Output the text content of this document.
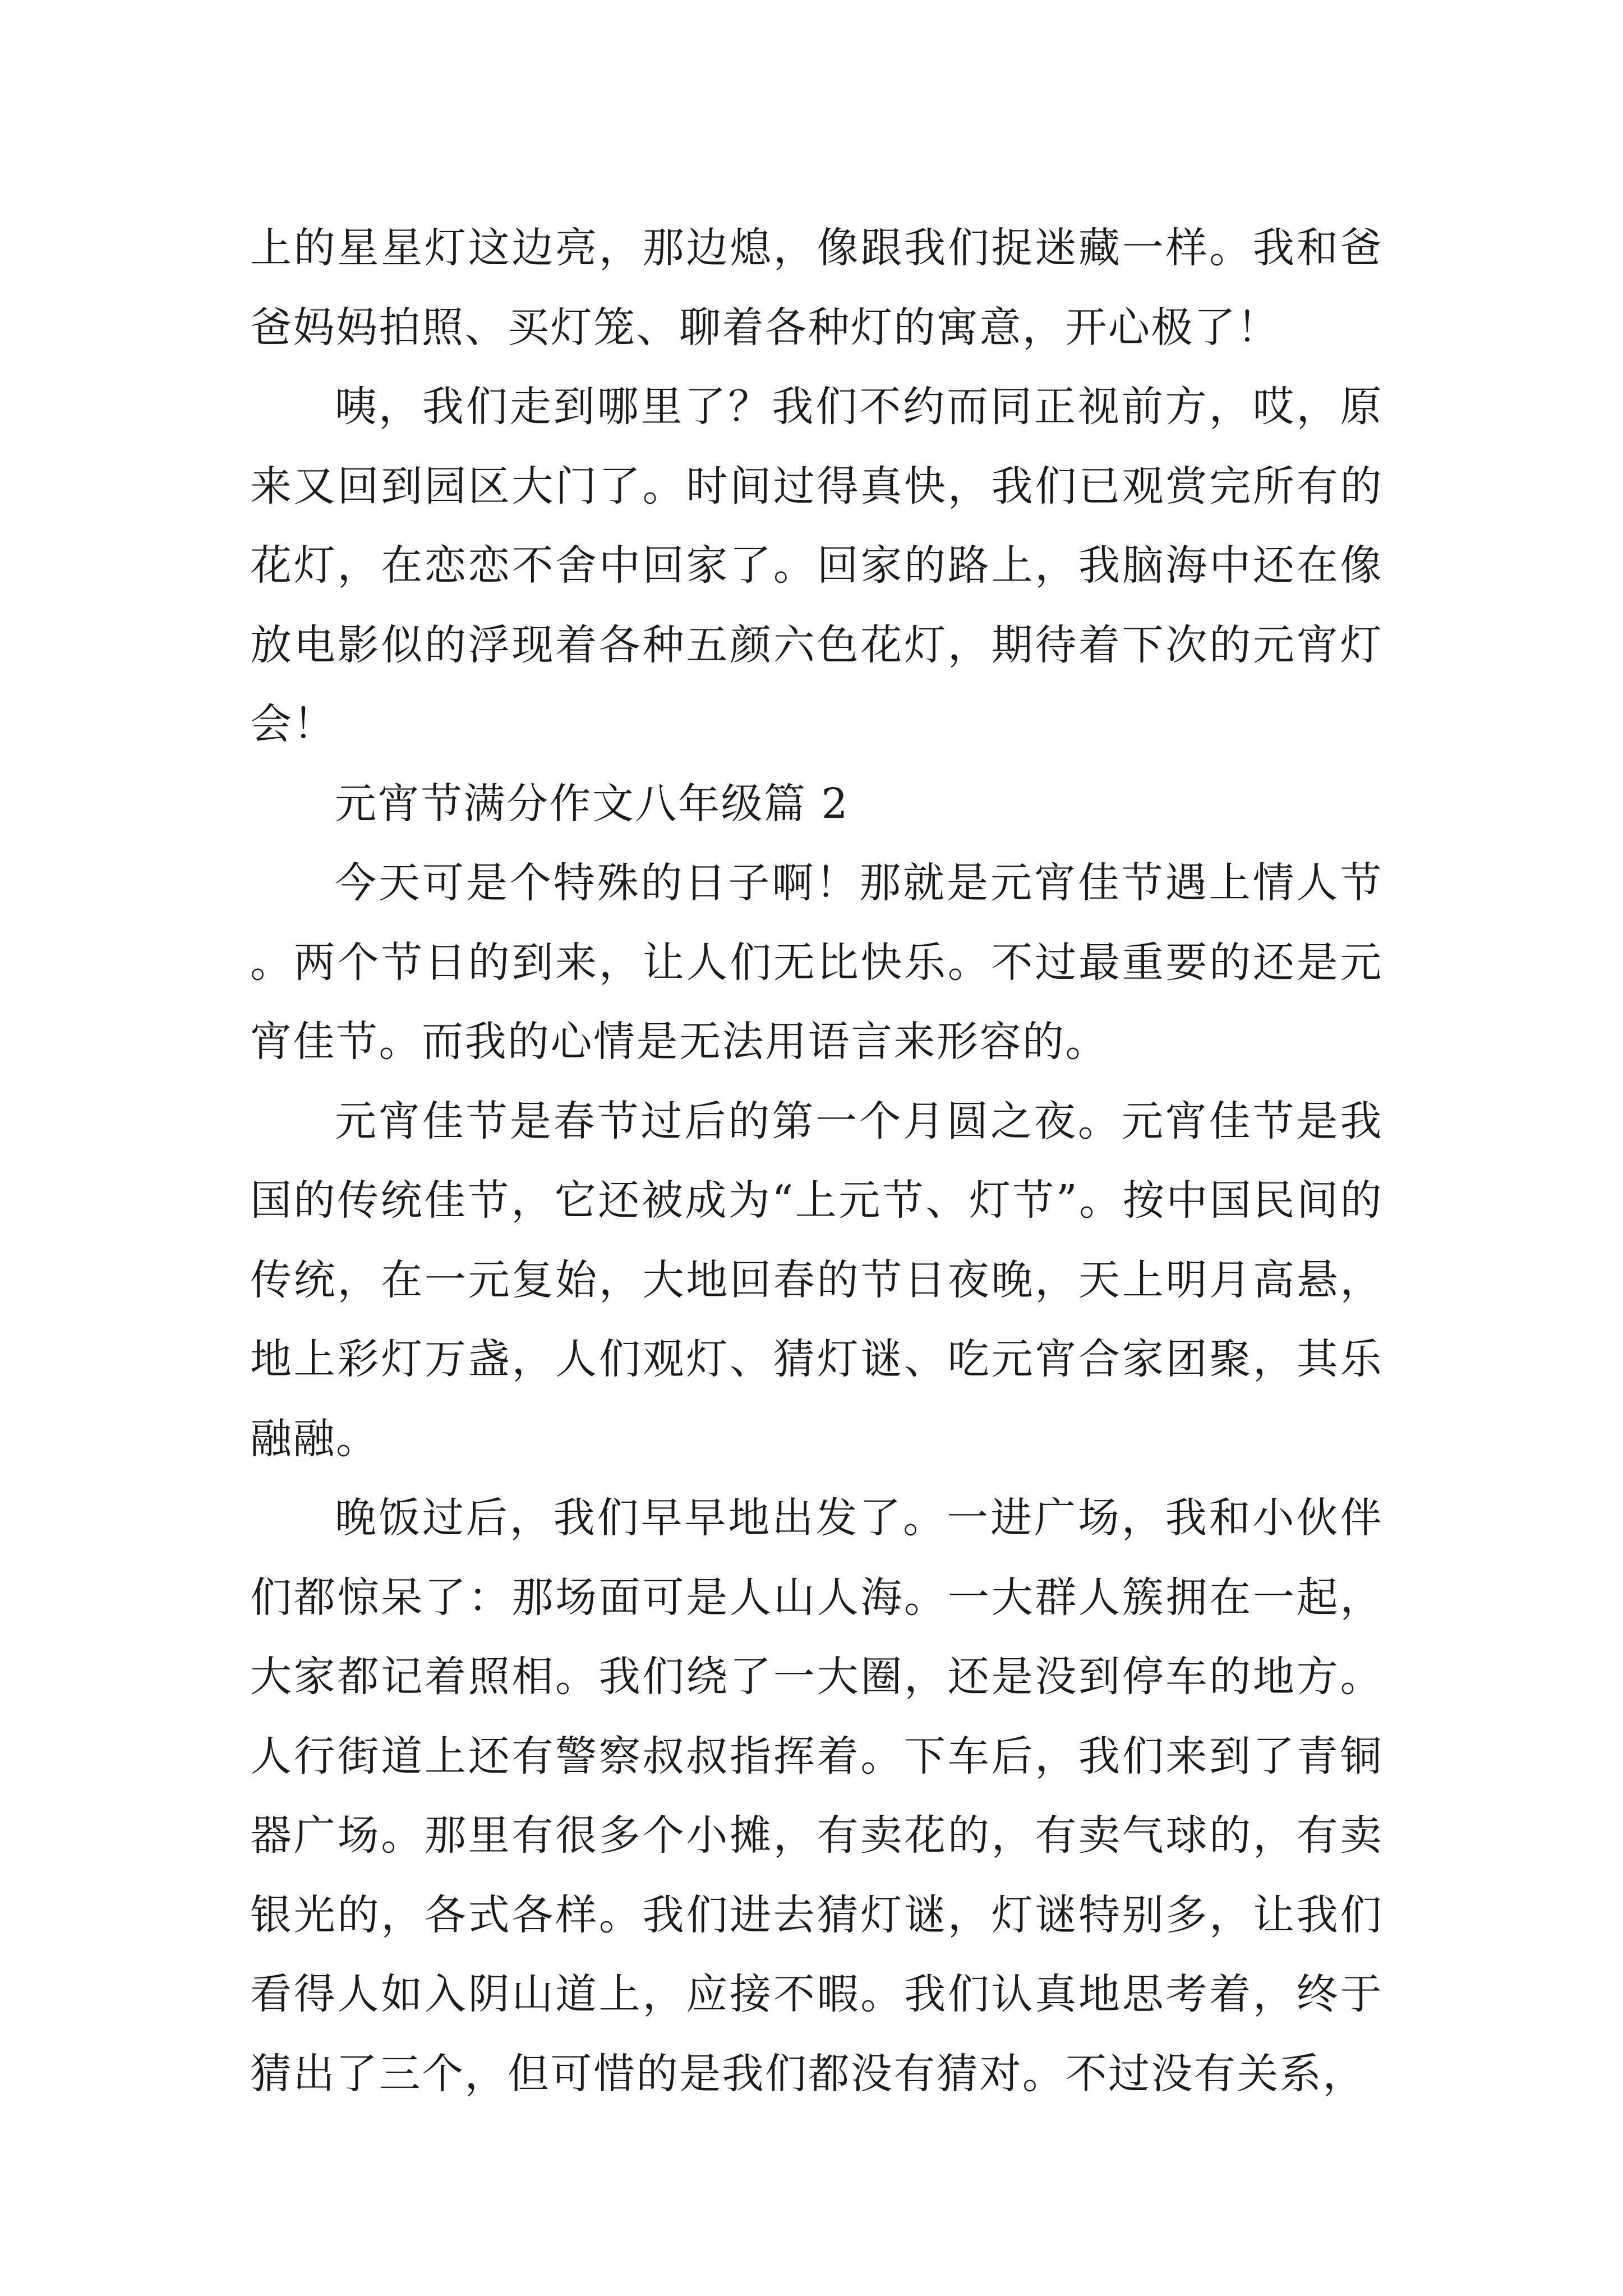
上的星星灯这边亮，那边熄，像跟我们捉迷藏一样。我和爸爸妈妈拍照、买灯笼、聊着各种灯的寓意，开心极了！

咦，我们走到哪里了？我们不约而同正视前方，哎，原来又回到园区大门了。时间过得真快，我们已观赏完所有的花灯，在恋恋不舍中回家了。回家的路上，我脑海中还在像放电影似的浮现着各种五颜六色花灯，期待着下次的元宵灯会！

元宵节满分作文八年级篇 2

今天可是个特殊的日子啊！那就是元宵佳节遇上情人节。两个节日的到来，让人们无比快乐。不过最重要的还是元宵佳节。而我的心情是无法用语言来形容的。

元宵佳节是春节过后的第一个月圆之夜。元宵佳节是我国的传统佳节，它还被成为“上元节、灯节”。按中国民间的传统，在一元复始，大地回春的节日夜晚，天上明月高悬，地上彩灯万盏，人们观灯、猜灯谜、吃元宵合家团聚，其乐融融。

晚饭过后，我们早早地出发了。一进广场，我和小伙伴们都惊呆了：那场面可是人山人海。一大群人簇拥在一起，大家都记着照相。我们绕了一大圈，还是没到停车的地方。人行街道上还有警察叔叔指挥着。下车后，我们来到了青铜器广场。那里有很多个小摊，有卖花的，有卖气球的，有卖银光的，各式各样。我们进去猜灯谜，灯谜特别多，让我们看得人如入阴山道上，应接不暇。我们认真地思考着，终于猜出了三个，但可惜的是我们都没有猜对。不过没有关系，
